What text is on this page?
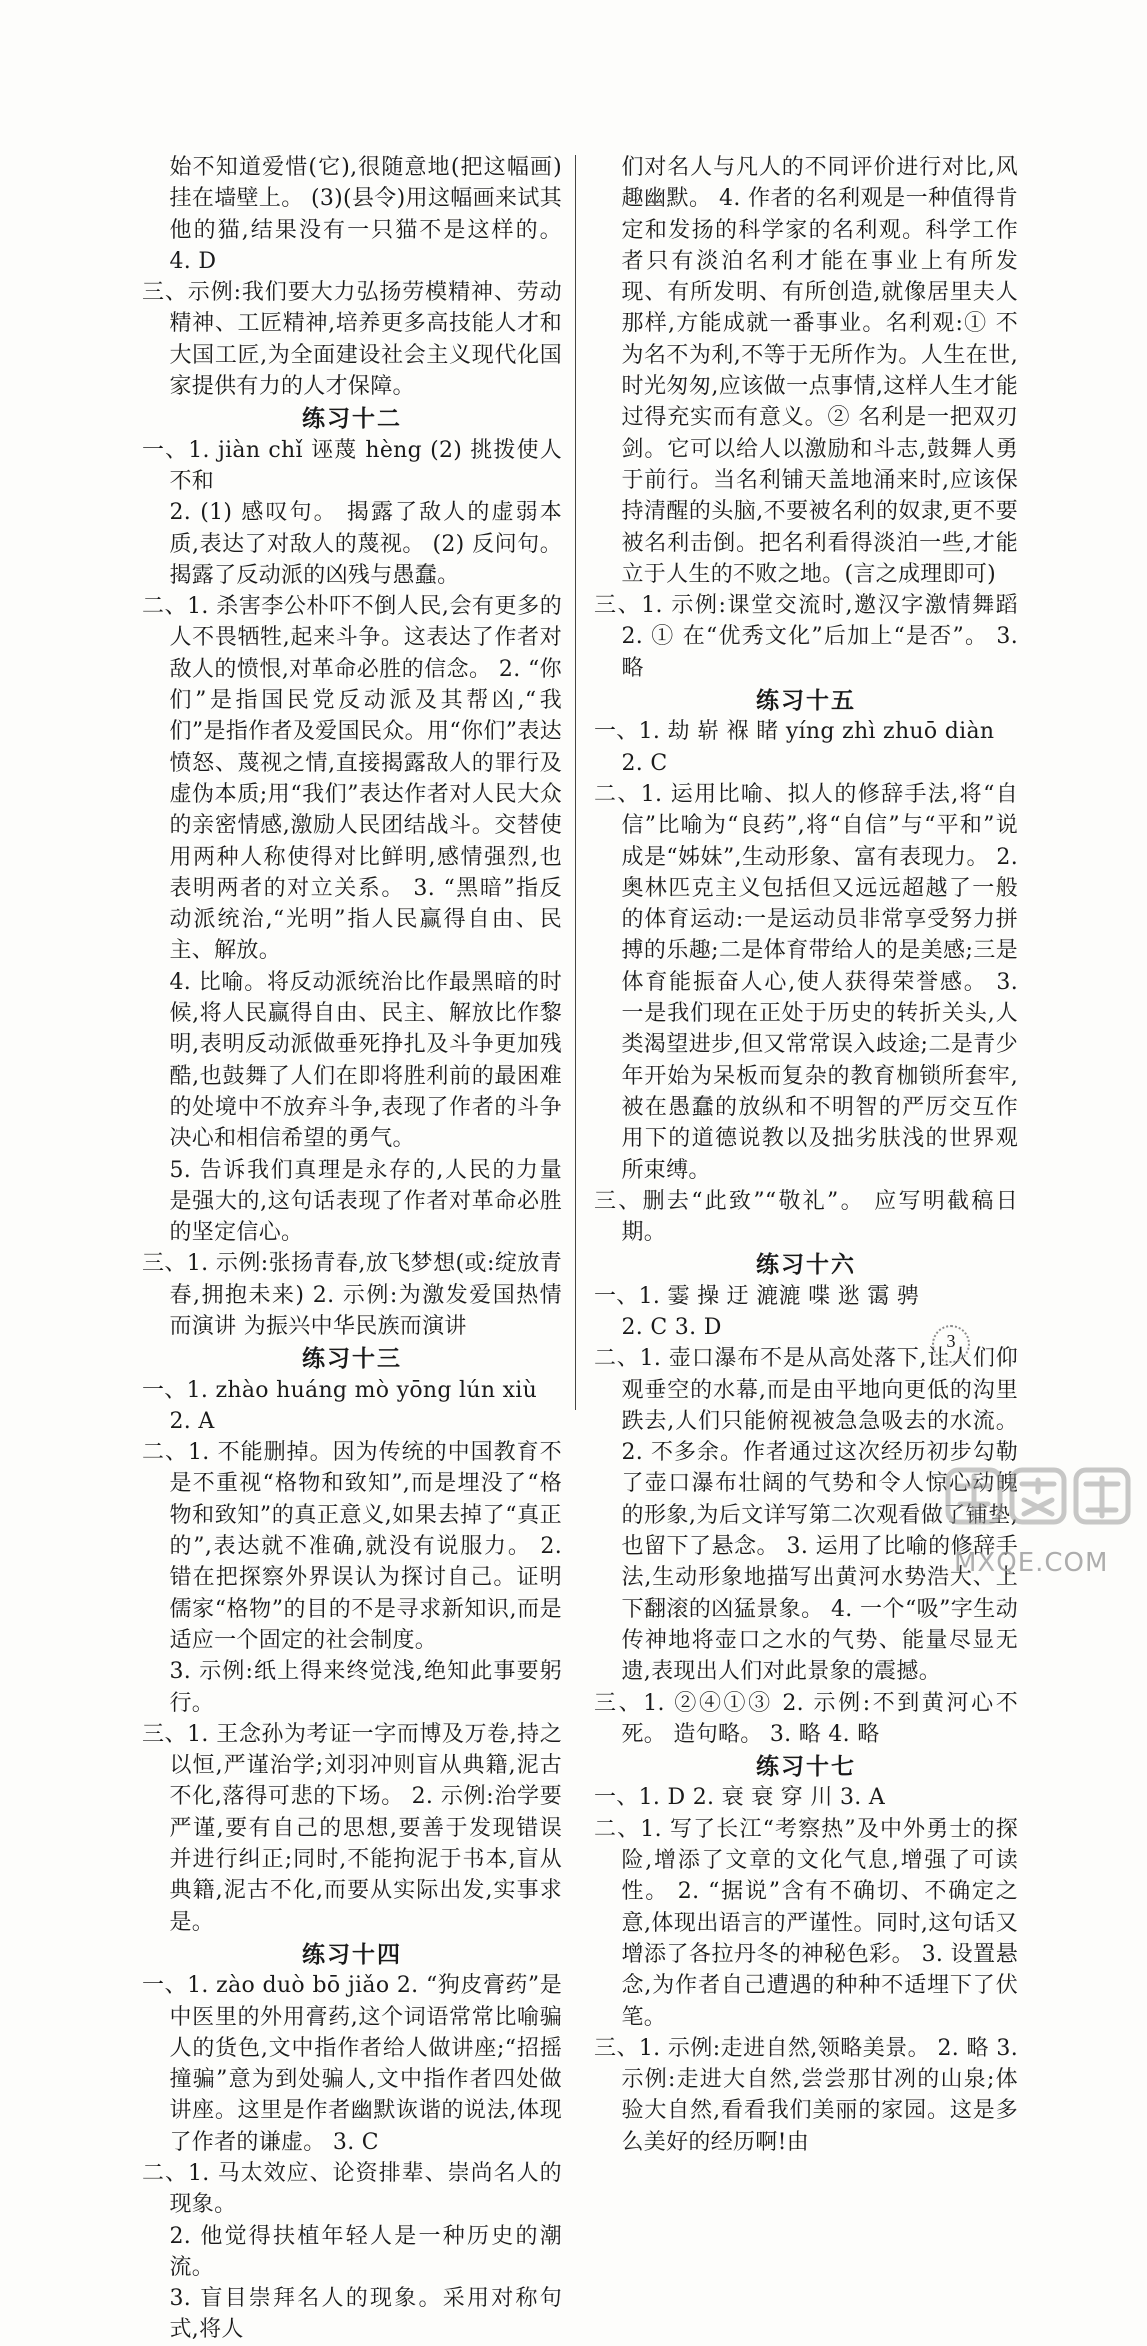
始不知道爱惜(它),很随意地(把这幅画)挂在墙壁上。 (3)(县令)用这幅画来试其他的猫,结果没有一只猫不是这样的。 4. D

三、示例:我们要大力弘扬劳模精神、劳动精神、工匠精神,培养更多高技能人才和大国工匠,为全面建设社会主义现代化国家提供有力的人才保障。

练习十二

一、1. jiàn chǐ 诬蔑 hèng (2) 挑拨使人不和

2. (1) 感叹句。 揭露了敌人的虚弱本质,表达了对敌人的蔑视。 (2) 反问句。 揭露了反动派的凶残与愚蠢。

二、1. 杀害李公朴吓不倒人民,会有更多的人不畏牺牲,起来斗争。这表达了作者对敌人的愤恨,对革命必胜的信念。 2. “你们”是指国民党反动派及其帮凶,“我们”是指作者及爱国民众。用“你们”表达愤怒、蔑视之情,直接揭露敌人的罪行及虚伪本质;用“我们”表达作者对人民大众的亲密情感,激励人民团结战斗。交替使用两种人称使得对比鲜明,感情强烈,也表明两者的对立关系。 3. “黑暗”指反动派统治,“光明”指人民赢得自由、民主、解放。

4. 比喻。将反动派统治比作最黑暗的时候,将人民赢得自由、民主、解放比作黎明,表明反动派做垂死挣扎及斗争更加残酷,也鼓舞了人们在即将胜利前的最困难的处境中不放弃斗争,表现了作者的斗争决心和相信希望的勇气。

5. 告诉我们真理是永存的,人民的力量是强大的,这句话表现了作者对革命必胜的坚定信心。

三、1. 示例:张扬青春,放飞梦想(或:绽放青春,拥抱未来) 2. 示例:为激发爱国热情而演讲 为振兴中华民族而演讲

练习十三

一、1. zhào huáng mò yōng lún xiù

2. A

二、1. 不能删掉。因为传统的中国教育不是不重视“格物和致知”,而是埋没了“格物和致知”的真正意义,如果去掉了“真正的”,表达就不准确,就没有说服力。 2. 错在把探察外界误认为探讨自己。证明儒家“格物”的目的不是寻求新知识,而是适应一个固定的社会制度。

3. 示例:纸上得来终觉浅,绝知此事要躬行。

三、1. 王念孙为考证一字而博及万卷,持之以恒,严谨治学;刘羽冲则盲从典籍,泥古不化,落得可悲的下场。 2. 示例:治学要严谨,要有自己的思想,要善于发现错误并进行纠正;同时,不能拘泥于书本,盲从典籍,泥古不化,而要从实际出发,实事求是。

练习十四

一、1. zào duò bō jiǎo 2. “狗皮膏药”是中医里的外用膏药,这个词语常常比喻骗人的货色,文中指作者给人做讲座;“招摇撞骗”意为到处骗人,文中指作者四处做讲座。这里是作者幽默诙谐的说法,体现了作者的谦虚。 3. C

二、1. 马太效应、论资排辈、崇尚名人的现象。

2. 他觉得扶植年轻人是一种历史的潮流。

3. 盲目崇拜名人的现象。采用对称句式,将人

们对名人与凡人的不同评价进行对比,风趣幽默。 4. 作者的名利观是一种值得肯定和发扬的科学家的名利观。科学工作者只有淡泊名利才能在事业上有所发现、有所发明、有所创造,就像居里夫人那样,方能成就一番事业。名利观:① 不为名不为利,不等于无所作为。人生在世,时光匆匆,应该做一点事情,这样人生才能过得充实而有意义。② 名利是一把双刃剑。它可以给人以激励和斗志,鼓舞人勇于前行。当名利铺天盖地涌来时,应该保持清醒的头脑,不要被名利的奴隶,更不要被名利击倒。把名利看得淡泊一些,才能立于人生的不败之地。(言之成理即可)

三、1. 示例:课堂交流时,邀汉字激情舞蹈 2. ① 在“优秀文化”后加上“是否”。 3. 略

练习十五

一、1. 劫 崭 褓 睹 yíng zhì zhuō diàn

2. C

二、1. 运用比喻、拟人的修辞手法,将“自信”比喻为“良药”,将“自信”与“平和”说成是“姊妹”,生动形象、富有表现力。 2. 奥林匹克主义包括但又远远超越了一般的体育运动:一是运动员非常享受努力拼搏的乐趣;二是体育带给人的是美感;三是体育能振奋人心,使人获得荣誉感。 3. 一是我们现在正处于历史的转折关头,人类渴望进步,但又常常误入歧途;二是青少年开始为呆板而复杂的教育枷锁所套牢,被在愚蠢的放纵和不明智的严厉交互作用下的道德说教以及拙劣肤浅的世界观所束缚。

三、删去“此致”“敬礼”。 应写明截稿日期。

练习十六

一、1. 霎 操 迂 漉漉 喋 逖 霭 骋

2. C 3. D

二、1. 壶口瀑布不是从高处落下,让人们仰观垂空的水幕,而是由平地向更低的沟里跌去,人们只能俯视被急急吸去的水流。 2. 不多余。作者通过这次经历初步勾勒了壶口瀑布壮阔的气势和令人惊心动魄的形象,为后文详写第二次观看做了铺垫,也留下了悬念。 3. 运用了比喻的修辞手法,生动形象地描写出黄河水势浩大、上下翻滚的凶猛景象。 4. 一个“吸”字生动传神地将壶口之水的气势、能量尽显无遗,表现出人们对此景象的震撼。

三、1. ②④①③ 2. 示例:不到黄河心不死。 造句略。 3. 略 4. 略

练习十七

一、1. D 2. 衰 衰 穿 川 3. A

二、1. 写了长江“考察热”及中外勇士的探险,增添了文章的文化气息,增强了可读性。 2. “据说”含有不确切、不确定之意,体现出语言的严谨性。同时,这句话又增添了各拉丹冬的神秘色彩。 3. 设置悬念,为作者自己遭遇的种种不适埋下了伏笔。

三、1. 示例:走进自然,领略美景。 2. 略 3. 示例:走进大自然,尝尝那甘冽的山泉;体验大自然,看看我们美丽的家园。这是多么美好的经历啊!由

3
MXQE.COM
